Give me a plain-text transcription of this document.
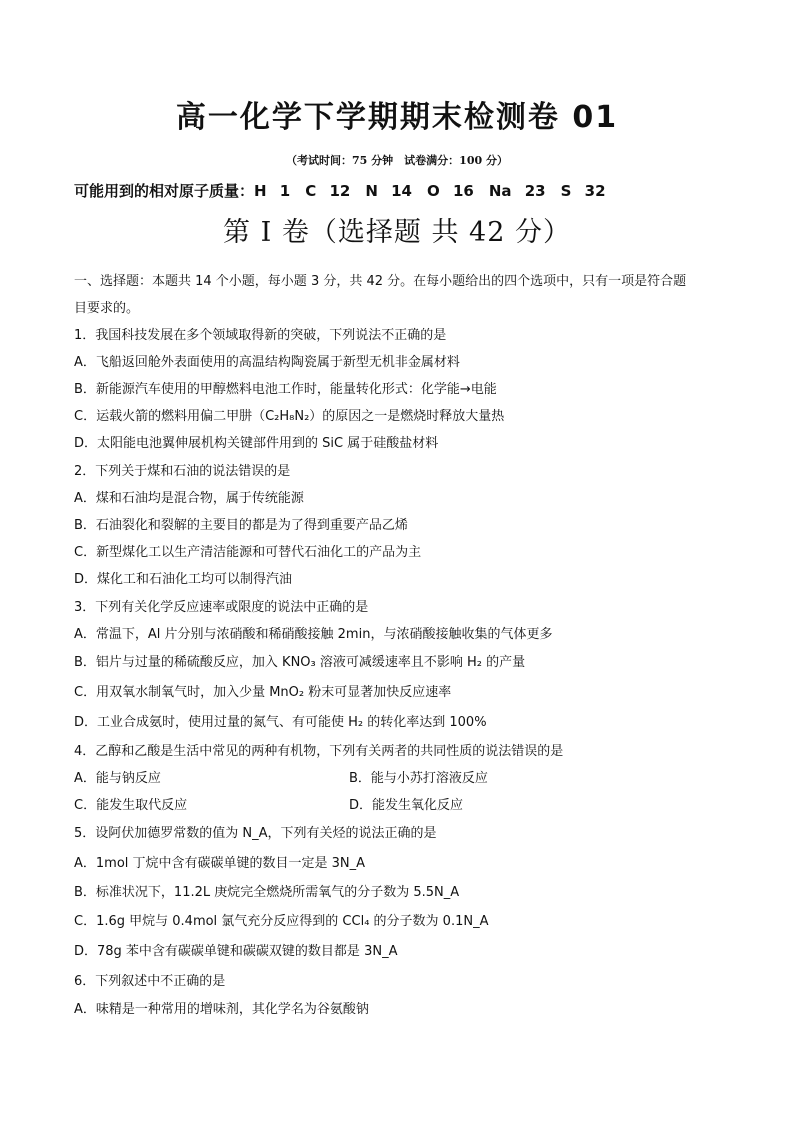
高一化学下学期期末检测卷 01
（考试时间：75 分钟　试卷满分：100 分）
可能用到的相对原子质量：H 1　C 12　N 14　O 16　Na 23　S 32
第 I 卷（选择题 共 42 分）
一、选择题：本题共 14 个小题，每小题 3 分，共 42 分。在每小题给出的四个选项中，只有一项是符合题
目要求的。
1．我国科技发展在多个领域取得新的突破，下列说法不正确的是
A．飞船返回舱外表面使用的高温结构陶瓷属于新型无机非金属材料
B．新能源汽车使用的甲醇燃料电池工作时，能量转化形式：化学能→电能
C．运载火箭的燃料用偏二甲肼（C₂H₈N₂）的原因之一是燃烧时释放大量热
D．太阳能电池翼伸展机构关键部件用到的 SiC 属于硅酸盐材料
2．下列关于煤和石油的说法错误的是
A．煤和石油均是混合物，属于传统能源
B．石油裂化和裂解的主要目的都是为了得到重要产品乙烯
C．新型煤化工以生产清洁能源和可替代石油化工的产品为主
D．煤化工和石油化工均可以制得汽油
3．下列有关化学反应速率或限度的说法中正确的是
A．常温下，Al 片分别与浓硝酸和稀硝酸接触 2min，与浓硝酸接触收集的气体更多
B．铝片与过量的稀硫酸反应，加入 KNO₃ 溶液可减缓速率且不影响 H₂ 的产量
C．用双氧水制氧气时，加入少量 MnO₂ 粉末可显著加快反应速率
D．工业合成氨时，使用过量的氮气、有可能使 H₂ 的转化率达到 100%
4．乙醇和乙酸是生活中常见的两种有机物，下列有关两者的共同性质的说法错误的是
A．能与钠反应	B．能与小苏打溶液反应
C．能发生取代反应	D．能发生氧化反应
5．设阿伏加德罗常数的值为 N_A，下列有关烃的说法正确的是
A．1mol 丁烷中含有碳碳单键的数目一定是 3N_A
B．标准状况下，11.2L 庚烷完全燃烧所需氧气的分子数为 5.5N_A
C．1.6g 甲烷与 0.4mol 氯气充分反应得到的 CCl₄ 的分子数为 0.1N_A
D．78g 苯中含有碳碳单键和碳碳双键的数目都是 3N_A
6．下列叙述中不正确的是
A．味精是一种常用的增味剂，其化学名为谷氨酸钠
